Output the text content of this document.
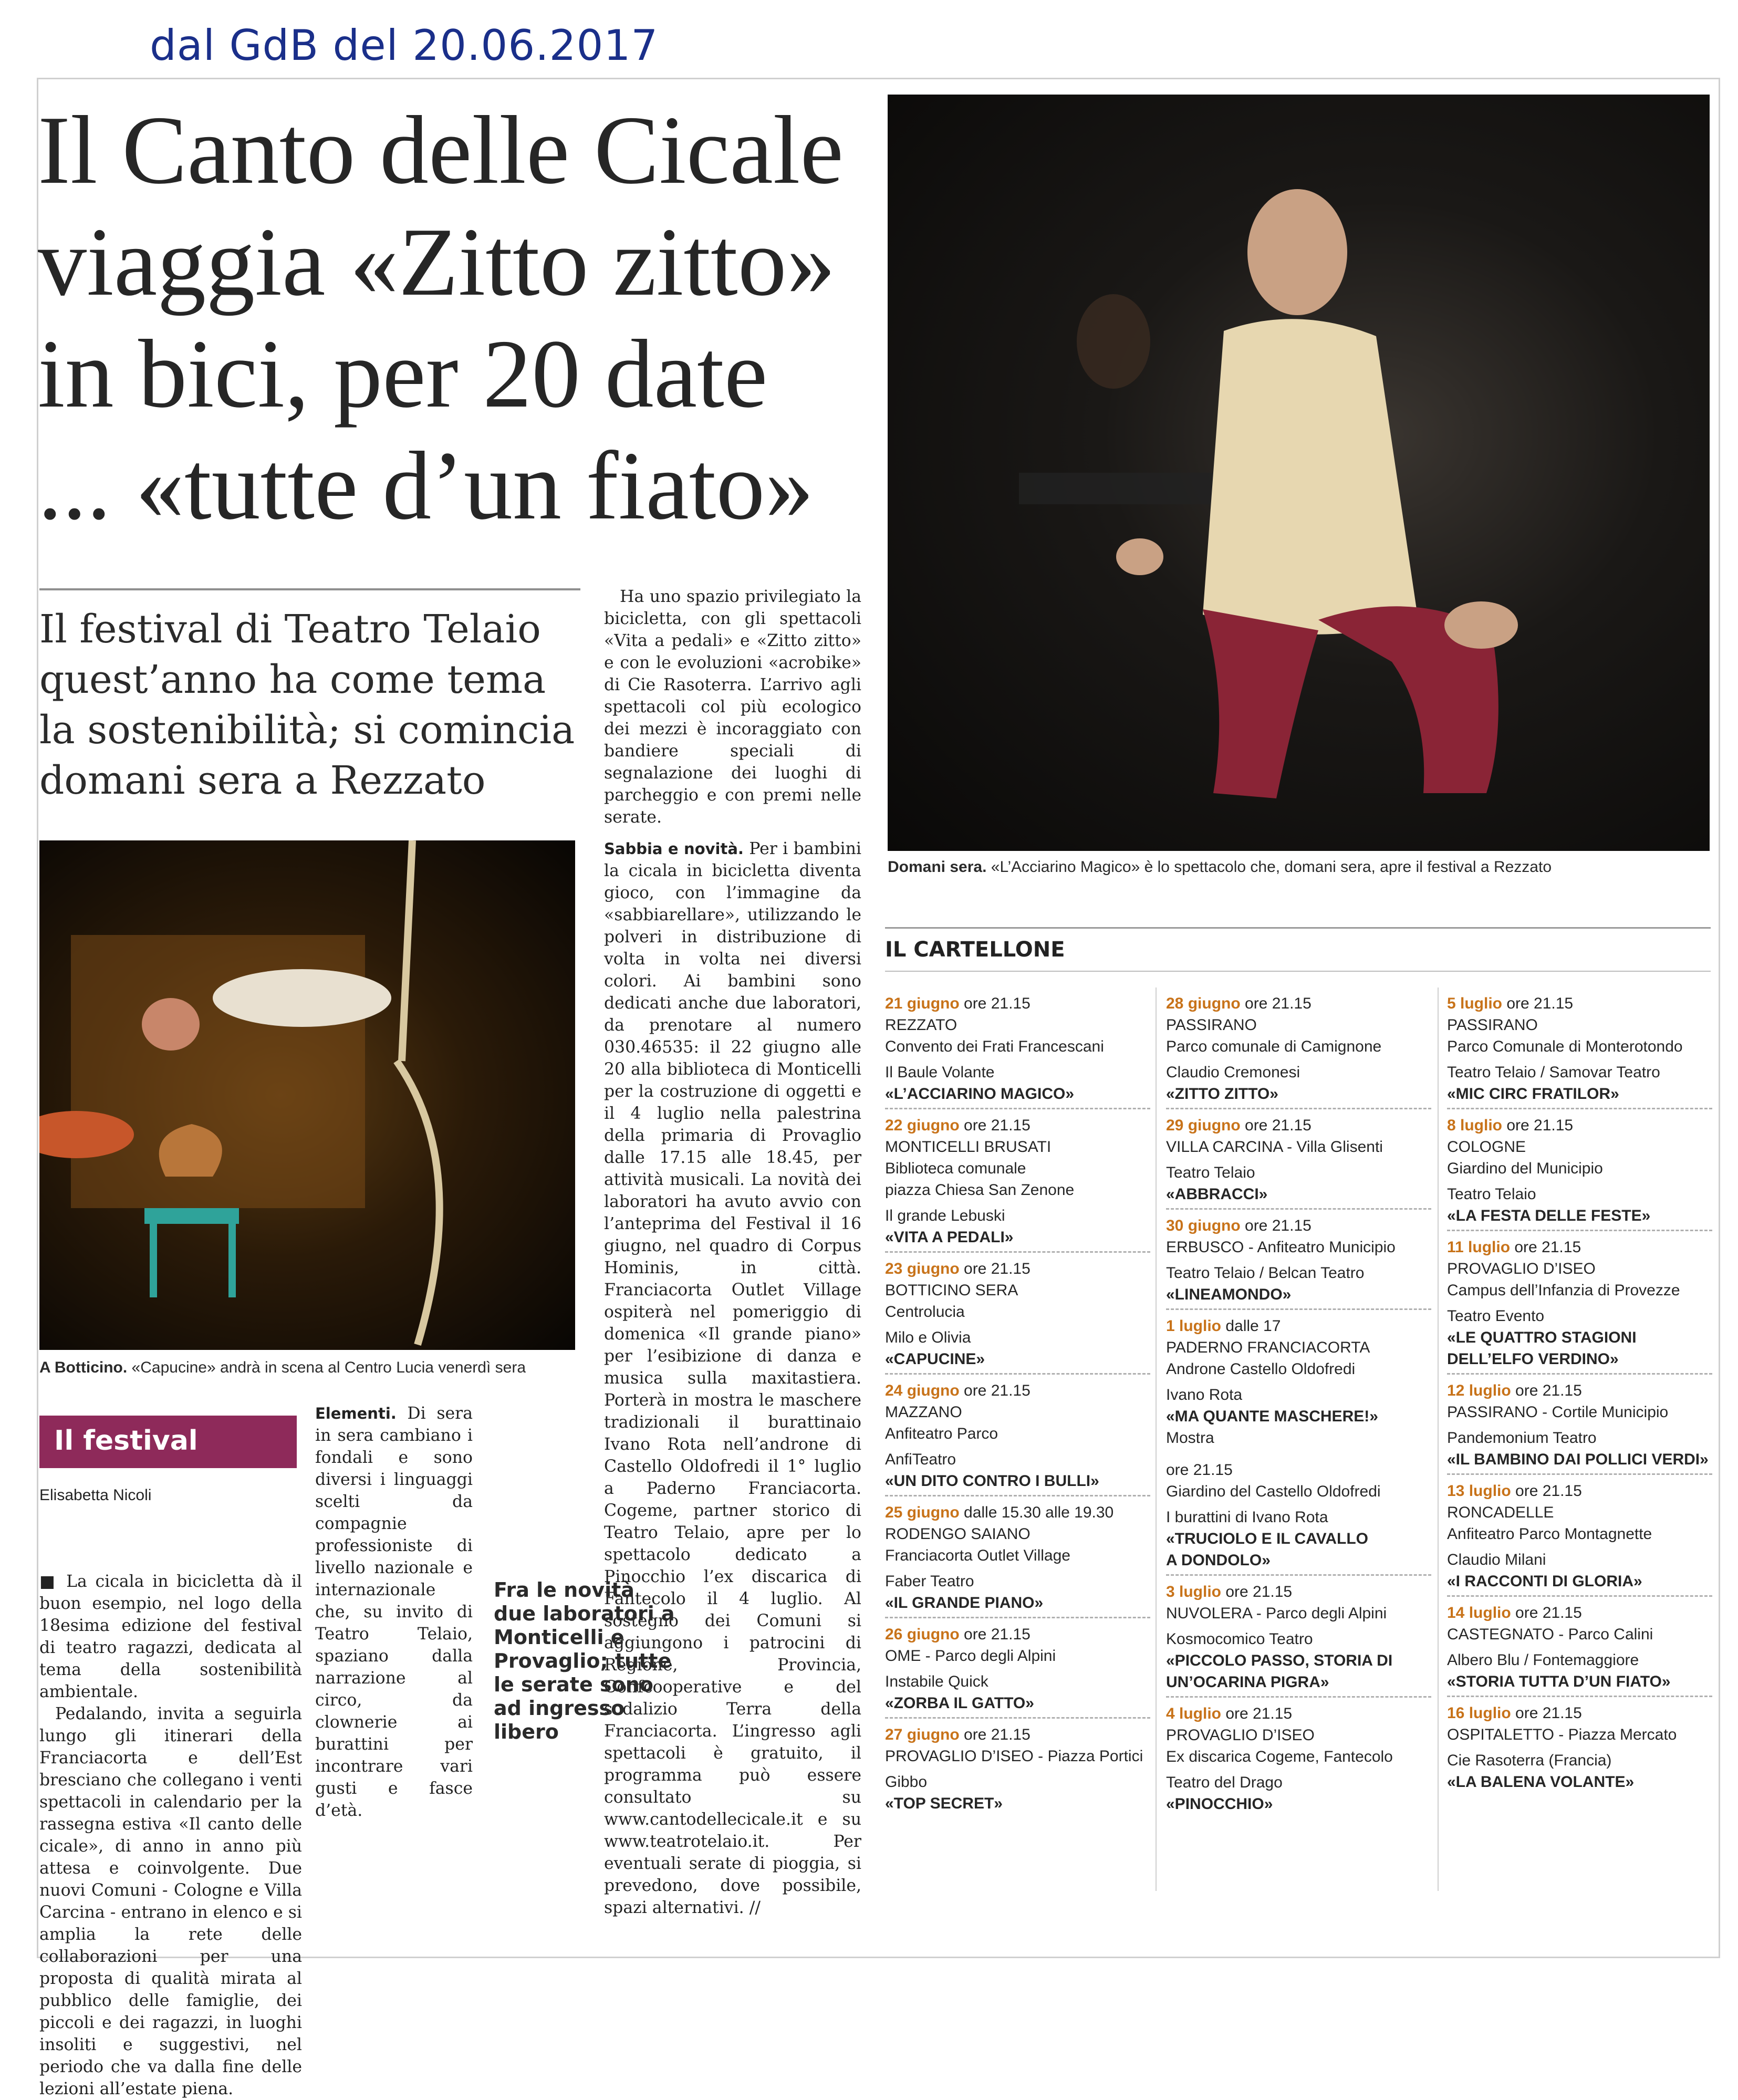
dal GdB del 20.06.2017
Il Canto delle Cicale
viaggia «Zitto zitto»
in bici, per 20 date
... «tutte d’un fiato»
Il festival di Teatro Telaio quest’anno ha come tema la sostenibilità; si comincia domani sera a Rezzato
Domani sera. «L’Acciarino Magico» è lo spettacolo che, domani sera, apre il festival a Rezzato
A Botticino. «Capucine» andrà in scena al Centro Lucia venerdì sera

Ha uno spazio privilegiato la bicicletta, con gli spettacoli «Vita a pedali» e «Zitto zitto» e con le evoluzioni «acrobike» di Cie Rasoterra. L’arrivo agli spettacoli col più ecologico dei mezzi è incoraggiato con bandiere speciali di segnalazione dei luoghi di parcheggio e con premi nelle serate.

Sabbia e novità. Per i bambini la cicala in bicicletta diventa gioco, con l’immagine da «sabbiarellare», utilizzando le polveri in distribuzione di volta in volta nei diversi colori. Ai bambini sono dedicati anche due laboratori, da prenotare al numero 030.46535: il 22 giugno alle 20 alla biblioteca di Monticelli per la costruzione di oggetti e il 4 luglio nella palestrina della primaria di Provaglio dalle 17.15 alle 18.45, per attività musicali. La novità dei laboratori ha avuto avvio con l’anteprima del Festival il 16 giugno, nel quadro di Corpus Hominis, in città. Franciacorta Outlet Village ospiterà nel pomeriggio di domenica «Il grande piano» per l’esibizione di danza e musica sulla maxitastiera. Porterà in mostra le maschere tradizionali il burattinaio Ivano Rota nell’androne di Castello Oldofredi il 1° luglio a Paderno Franciacorta. Cogeme, partner storico di Teatro Telaio, apre per lo spettacolo dedicato a Pinocchio l’ex discarica di Fantecolo il 4 luglio. Al sostegno dei Comuni si aggiungono i patrocini di Regione, Provincia, Confcooperative e del sodalizio Terra della Franciacorta. L’ingresso agli spettacoli è gratuito, il programma può essere consultato su www.cantodellecicale.it e su www.teatrotelaio.it. Per eventuali serate di pioggia, si prevedono, dove possibile, spazi alternativi. //

Il festival
Elisabetta Nicoli

■ La cicala in bicicletta dà il buon esempio, nel logo della 18esima edizione del festival di teatro ragazzi, dedicata al tema della sostenibilità ambientale.

Pedalando, invita a seguirla lungo gli itinerari della Franciacorta e dell’Est bresciano che collegano i venti spettacoli in calendario per la rassegna estiva «Il canto delle cicale», di anno in anno più attesa e coinvolgente. Due nuovi Comuni - Cologne e Villa Carcina - entrano in elenco e si amplia la rete delle collaborazioni per una proposta di qualità mirata al pubblico delle famiglie, dei piccoli e dei ragazzi, in luoghi insoliti e suggestivi, nel periodo che va dalla fine delle lezioni all’estate piena.

Elementi. Di sera in sera cambiano i fondali e sono diversi i linguaggi scelti da compagnie professioniste di livello nazionale e internazionale che, su invito di Teatro Telaio, spaziano dalla narrazione al circo, da clownerie ai burattini per incontrare vari gusti e fasce d’età.

Fra le novità due laboratori a Monticelli e Provaglio; tutte le serate sono ad ingresso libero
IL CARTELLONE
21 giugno ore 21.15
REZZATO
Convento dei Frati Francescani
Il Baule Volante
«L’ACCIARINO MAGICO»
22 giugno ore 21.15
MONTICELLI BRUSATI
Biblioteca comunale
piazza Chiesa San Zenone
Il grande Lebuski
«VITA A PEDALI»
23 giugno ore 21.15
BOTTICINO SERA
Centrolucia
Milo e Olivia
«CAPUCINE»
24 giugno ore 21.15
MAZZANO
Anfiteatro Parco
AnfiTeatro
«UN DITO CONTRO I BULLI»
25 giugno dalle 15.30 alle 19.30
RODENGO SAIANO
Franciacorta Outlet Village
Faber Teatro
«IL GRANDE PIANO»
26 giugno ore 21.15
OME - Parco degli Alpini
Instabile Quick
«ZORBA IL GATTO»
27 giugno ore 21.15
PROVAGLIO D’ISEO - Piazza Portici
Gibbo
«TOP SECRET»
28 giugno ore 21.15
PASSIRANO
Parco comunale di Camignone
Claudio Cremonesi
«ZITTO ZITTO»
29 giugno ore 21.15
VILLA CARCINA - Villa Glisenti
Teatro Telaio
«ABBRACCI»
30 giugno ore 21.15
ERBUSCO - Anfiteatro Municipio
Teatro Telaio / Belcan Teatro
«LINEAMONDO»
1 luglio dalle 17
PADERNO FRANCIACORTA
Androne Castello Oldofredi
Ivano Rota
«MA QUANTE MASCHERE!»
Mostra
ore 21.15
Giardino del Castello Oldofredi
I burattini di Ivano Rota
«TRUCIOLO E IL CAVALLO
A DONDOLO»
3 luglio ore 21.15
NUVOLERA - Parco degli Alpini
Kosmocomico Teatro
«PICCOLO PASSO, STORIA DI
UN’OCARINA PIGRA»
4 luglio ore 21.15
PROVAGLIO D’ISEO
Ex discarica Cogeme, Fantecolo
Teatro del Drago
«PINOCCHIO»
5 luglio ore 21.15
PASSIRANO
Parco Comunale di Monterotondo
Teatro Telaio / Samovar Teatro
«MIC CIRC FRATILOR»
8 luglio ore 21.15
COLOGNE
Giardino del Municipio
Teatro Telaio
«LA FESTA DELLE FESTE»
11 luglio ore 21.15
PROVAGLIO D’ISEO
Campus dell’Infanzia di Provezze
Teatro Evento
«LE QUATTRO STAGIONI
DELL’ELFO VERDINO»
12 luglio ore 21.15
PASSIRANO - Cortile Municipio
Pandemonium Teatro
«IL BAMBINO DAI POLLICI VERDI»
13 luglio ore 21.15
RONCADELLE
Anfiteatro Parco Montagnette
Claudio Milani
«I RACCONTI DI GLORIA»
14 luglio ore 21.15
CASTEGNATO - Parco Calini
Albero Blu / Fontemaggiore
«STORIA TUTTA D’UN FIATO»
16 luglio ore 21.15
OSPITALETTO - Piazza Mercato
Cie Rasoterra (Francia)
«LA BALENA VOLANTE»
